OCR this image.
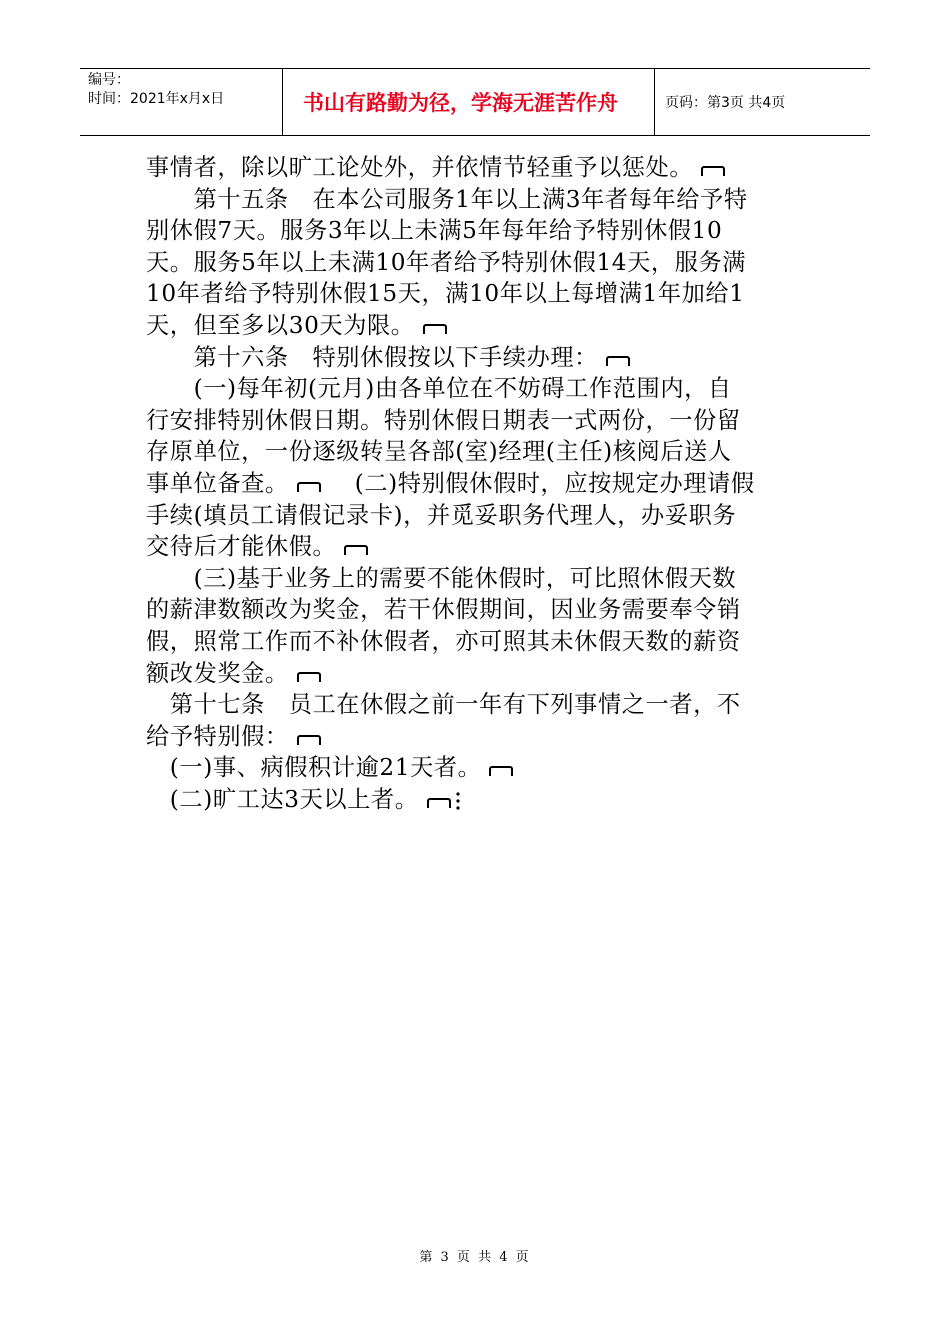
编号：
时间：2021年x月x日	书山有路勤为径，学海无涯苦作舟	页码：第3页 共4页
事情者，除以旷工论处外，并依情节轻重予以惩处。
　　第十五条　在本公司服务1年以上满3年者每年给予特
别休假7天。服务3年以上未满5年每年给予特别休假10
天。服务5年以上未满10年者给予特别休假14天，服务满
10年者给予特别休假15天，满10年以上每增满1年加给1
天，但至多以30天为限。
　　第十六条　特别休假按以下手续办理：
　　(一)每年初(元月)由各单位在不妨碍工作范围内，自
行安排特别休假日期。特别休假日期表一式两份，一份留
存原单位，一份逐级转呈各部(室)经理(主任)核阅后送人
事单位备查。	(二)特别假休假时，应按规定办理请假
手续(填员工请假记录卡)，并觅妥职务代理人，办妥职务
交待后才能休假。
　　(三)基于业务上的需要不能休假时，可比照休假天数
的薪津数额改为奖金，若干休假期间，因业务需要奉令销
假，照常工作而不补休假者，亦可照其未休假天数的薪资
额改发奖金。
　第十七条　员工在休假之前一年有下列事情之一者，不
给予特别假：
　(一)事、病假积计逾21天者。
　(二)旷工达3天以上者。
第 3 页 共 4 页
